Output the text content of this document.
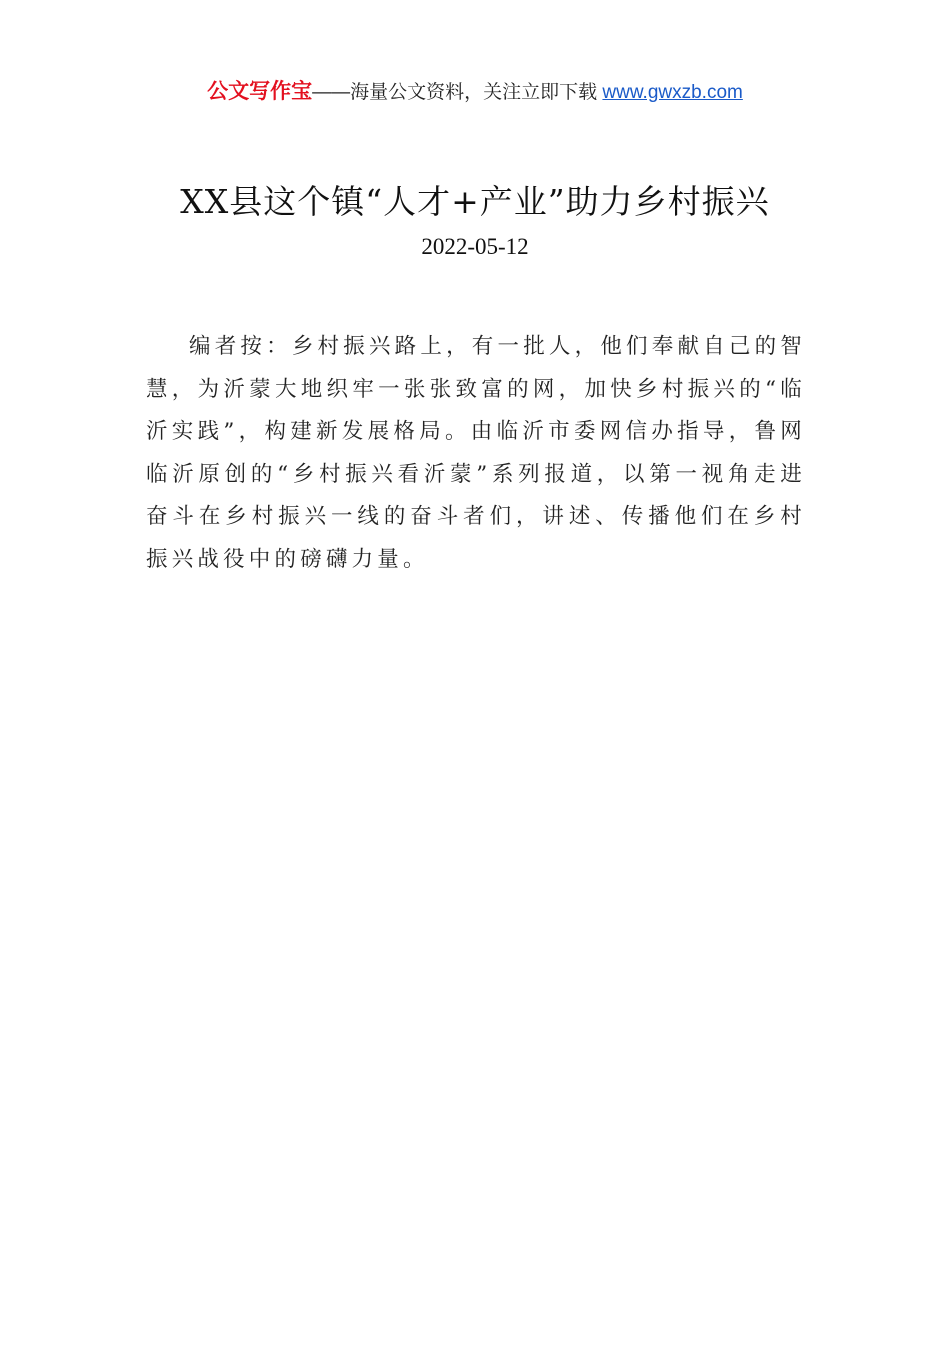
公文写作宝——海量公文资料，关注立即下载 www.gwxzb.com
XX县这个镇“人才+产业”助力乡村振兴
2022-05-12

编者按：乡村振兴路上，有一批人，他们奉献自己的智慧，为沂蒙大地织牢一张张致富的网，加快乡村振兴的“临沂实践”，构建新发展格局。由临沂市委网信办指导，鲁网临沂原创的“乡村振兴看沂蒙”系列报道，以第一视角走进奋斗在乡村振兴一线的奋斗者们，讲述、传播他们在乡村振兴战役中的磅礴力量。
